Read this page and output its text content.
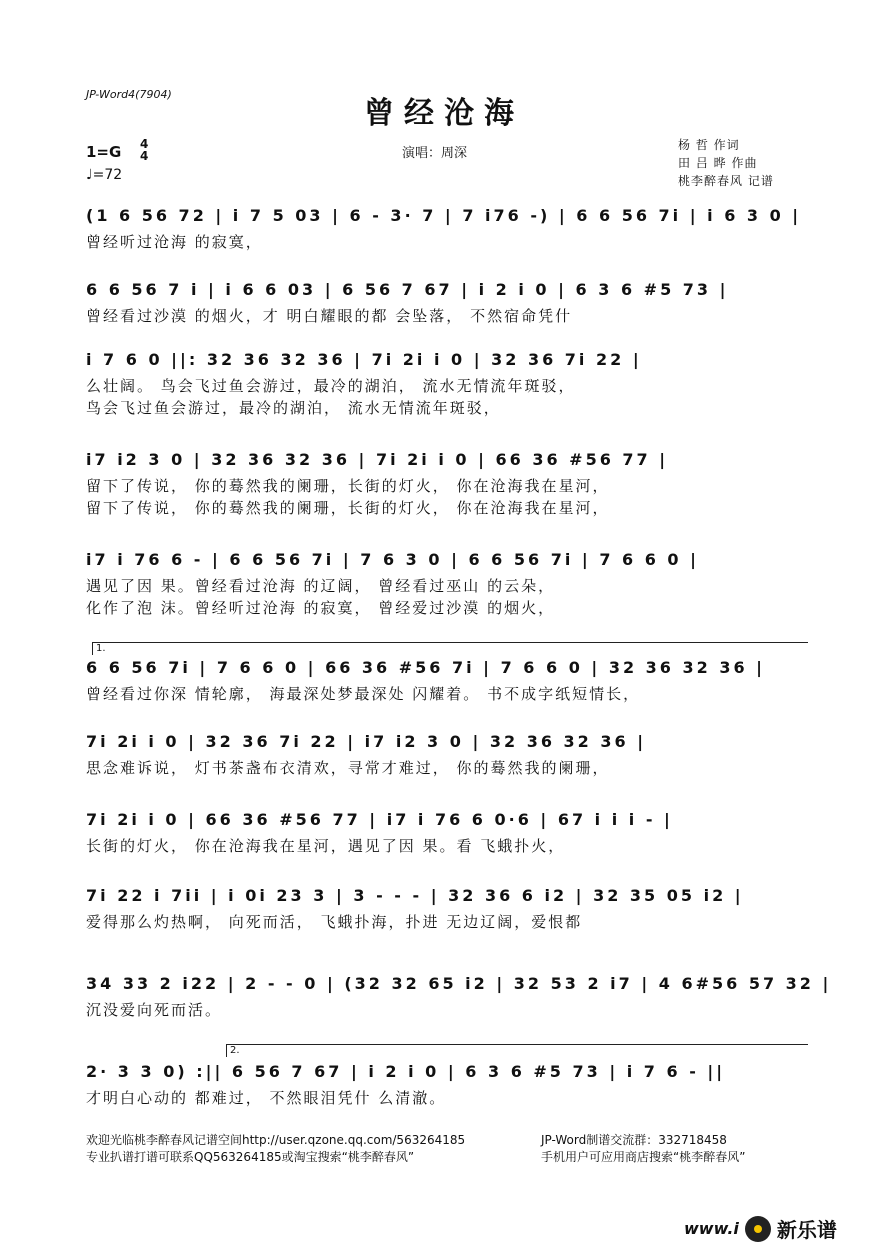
JP-Word4(7904)
曾经沧海
1=G 4
4
♩=72
演唱：周深
杨 哲 作词
田 吕 晔 作曲
桃李醉春风 记谱
(1 6 56 72 | i 7 5 03 | 6 - 3· 7 | 7 i76 -) | 6 6 56 7i | i 6 3 0 |
曾经听过沧海 的寂寞，
6 6 56 7 i | i 6 6 03 | 6 56 7 67 | i 2 i 0 | 6 3 6 #5 73 |
曾经看过沙漠 的烟火，才 明白耀眼的都 会坠落， 不然宿命凭什
i 7 6 0 ||: 32 36 32 36 | 7i 2i i 0 | 32 36 7i 22 |
么壮阔。 鸟会飞过鱼会游过，最冷的湖泊， 流水无情流年斑驳，
鸟会飞过鱼会游过，最冷的湖泊， 流水无情流年斑驳，
i7 i2 3 0 | 32 36 32 36 | 7i 2i i 0 | 66 36 #56 77 |
留下了传说， 你的蓦然我的阑珊，长街的灯火， 你在沧海我在星河，
留下了传说， 你的蓦然我的阑珊，长街的灯火， 你在沧海我在星河，
i7 i 76 6 - | 6 6 56 7i | 7 6 3 0 | 6 6 56 7i | 7 6 6 0 |
遇见了因 果。曾经看过沧海 的辽阔， 曾经看过巫山 的云朵，
化作了泡 沫。曾经听过沧海 的寂寞， 曾经爱过沙漠 的烟火，
6 6 56 7i | 7 6 6 0 | 66 36 #56 7i | 7 6 6 0 | 32 36 32 36 |
曾经看过你深 情轮廓， 海最深处梦最深处 闪耀着。 书不成字纸短情长，
7i 2i i 0 | 32 36 7i 22 | i7 i2 3 0 | 32 36 32 36 |
思念难诉说， 灯书茶盏布衣清欢，寻常才难过， 你的蓦然我的阑珊，
7i 2i i 0 | 66 36 #56 77 | i7 i 76 6 0·6 | 67 i i i - |
长街的灯火， 你在沧海我在星河，遇见了因 果。看 飞蛾扑火，
7i 22 i 7ii | i 0i 23 3 | 3 - - - | 32 36 6 i2 | 32 35 05 i2 |
爱得那么灼热啊， 向死而活， 飞蛾扑海，扑进 无边辽阔，爱恨都
34 33 2 i22 | 2 - - 0 | (32 32 65 i2 | 32 53 2 i7 | 4 6#56 57 32 |
沉没爱向死而活。
2· 3 3 0) :|| 6 56 7 67 | i 2 i 0 | 6 3 6 #5 73 | i 7 6 - ||
才明白心动的 都难过， 不然眼泪凭什 么清澈。
1.
2.
欢迎光临桃李醉春风记谱空间http://user.qzone.qq.com/563264185	JP-Word制谱交流群：332718458
专业扒谱打谱可联系QQ563264185或淘宝搜索“桃李醉春风”	手机用户可应用商店搜索“桃李醉春风”
www.i 新乐谱
